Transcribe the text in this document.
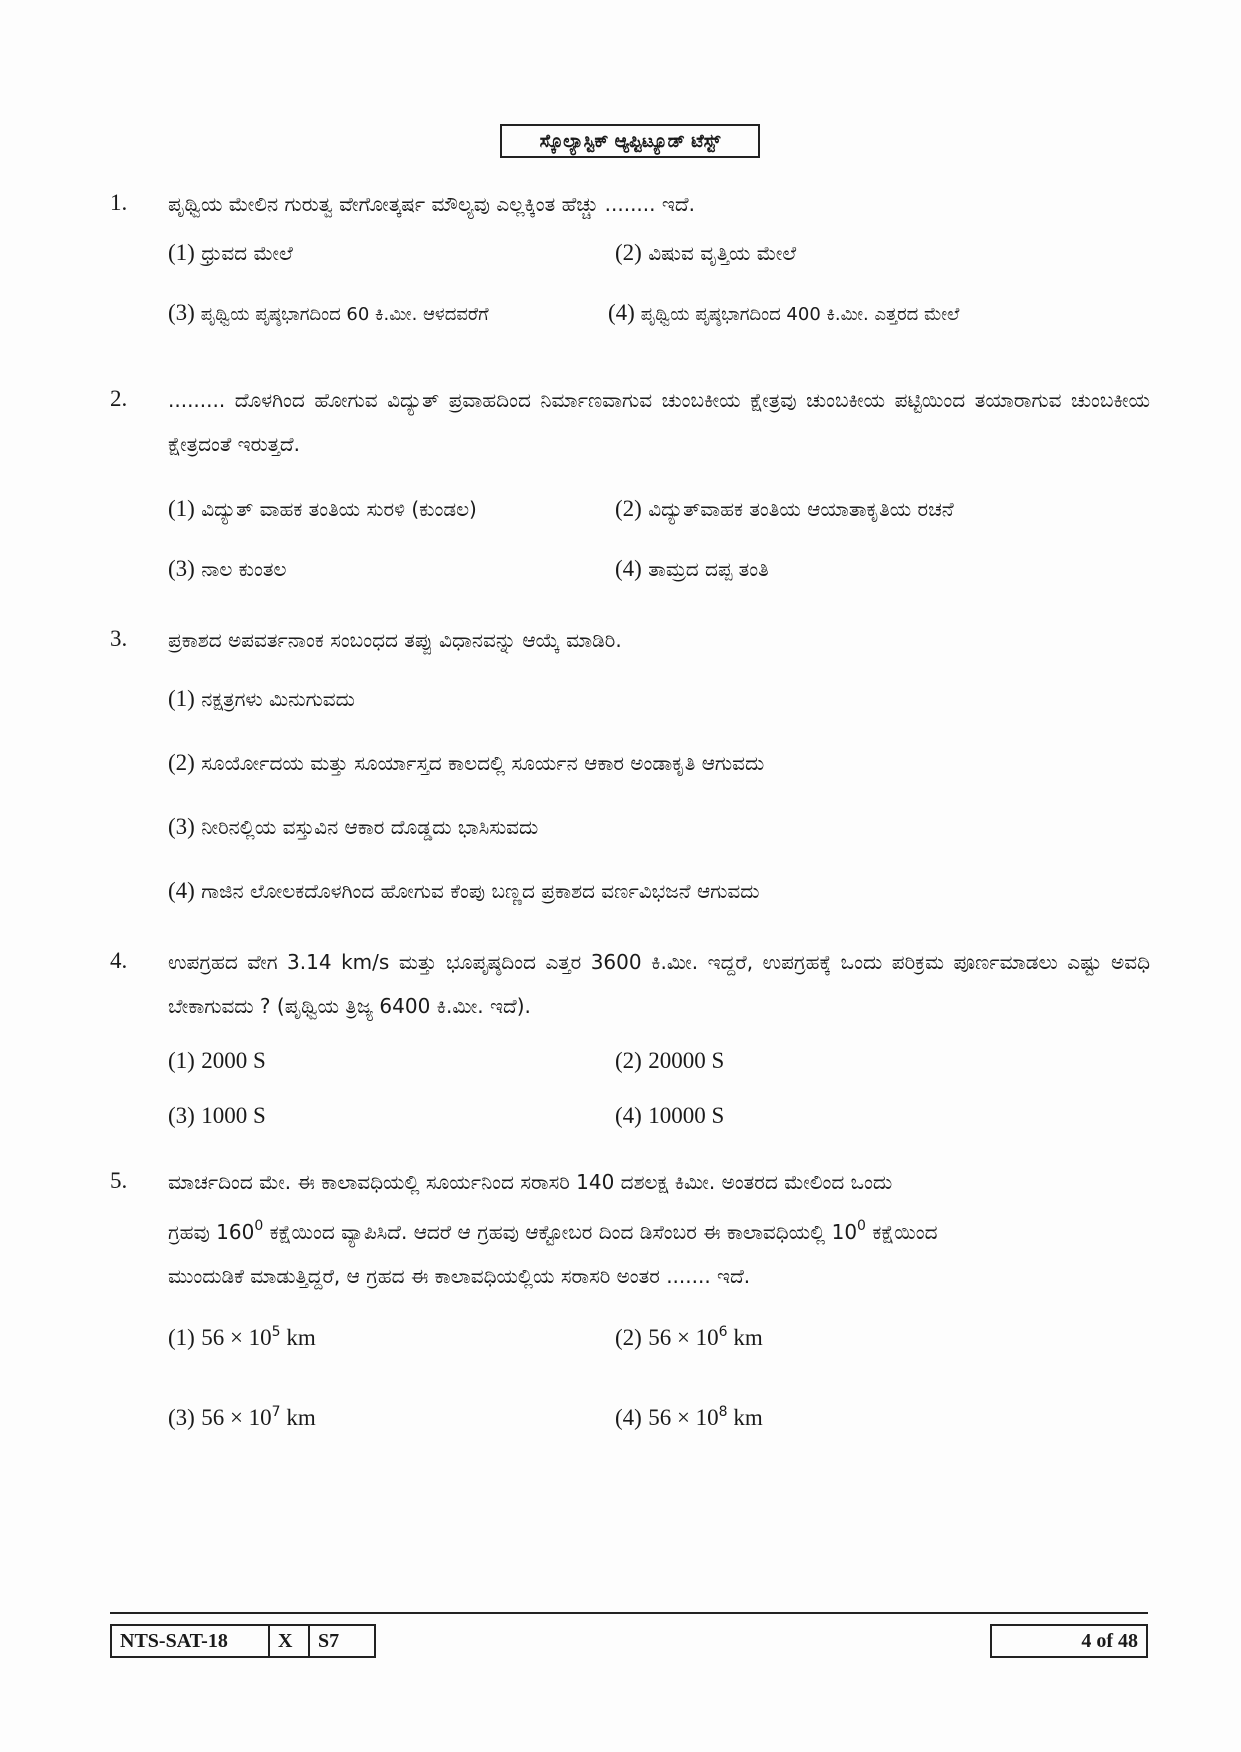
ಸ್ಕೊಲ್ಯಾಸ್ಟಿಕ್ ಆ್ಯಪ್ಟಿಟ್ಯೂಡ್ ಟೆಸ್ಟ್
1. ಪೃಥ್ವಿಯ ಮೇಲಿನ ಗುರುತ್ವ ವೇಗೋತ್ಕರ್ಷ ಮೌಲ್ಯವು ಎಲ್ಲಕ್ಕಿಂತ ಹೆಚ್ಚು ........ ಇದೆ.
(1) ಧ್ರುವದ ಮೇಲೆ	(2) ವಿಷುವ ವೃತ್ತಿಯ ಮೇಲೆ
(3) ಪೃಥ್ವಿಯ ಪೃಷ್ಠಭಾಗದಿಂದ 60 ಕಿ.ಮೀ. ಆಳದವರೆಗೆ	(4) ಪೃಥ್ವಿಯ ಪೃಷ್ಠಭಾಗದಿಂದ 400 ಕಿ.ಮೀ. ಎತ್ತರದ ಮೇಲೆ
2. ......... ದೊಳಗಿಂದ ಹೋಗುವ ವಿದ್ಯುತ್ ಪ್ರವಾಹದಿಂದ ನಿರ್ಮಾಣವಾಗುವ ಚುಂಬಕೀಯ ಕ್ಷೇತ್ರವು ಚುಂಬಕೀಯ ಪಟ್ಟಿಯಿಂದ ತಯಾರಾಗುವ ಚುಂಬಕೀಯ ಕ್ಷೇತ್ರದಂತೆ ಇರುತ್ತದೆ.
(1) ವಿದ್ಯುತ್ ವಾಹಕ ತಂತಿಯ ಸುರಳಿ (ಕುಂಡಲ)	(2) ವಿದ್ಯುತ್‌ವಾಹಕ ತಂತಿಯ ಆಯಾತಾಕೃತಿಯ ರಚನೆ
(3) ನಾಲ ಕುಂತಲ	(4) ತಾಮ್ರದ ದಪ್ಪ ತಂತಿ
3. ಪ್ರಕಾಶದ ಅಪವರ್ತನಾಂಕ ಸಂಬಂಧದ ತಪ್ಪು ವಿಧಾನವನ್ನು ಆಯ್ಕೆ ಮಾಡಿರಿ.
(1) ನಕ್ಷತ್ರಗಳು ಮಿನುಗುವದು
(2) ಸೂರ್ಯೋದಯ ಮತ್ತು ಸೂರ್ಯಾಸ್ತದ ಕಾಲದಲ್ಲಿ ಸೂರ್ಯನ ಆಕಾರ ಅಂಡಾಕೃತಿ ಆಗುವದು
(3) ನೀರಿನಲ್ಲಿಯ ವಸ್ತುವಿನ ಆಕಾರ ದೊಡ್ಡದು ಭಾಸಿಸುವದು
(4) ಗಾಜಿನ ಲೋಲಕದೊಳಗಿಂದ ಹೋಗುವ ಕೆಂಪು ಬಣ್ಣದ ಪ್ರಕಾಶದ ವರ್ಣವಿಭಜನೆ ಆಗುವದು
4. ಉಪಗ್ರಹದ ವೇಗ 3.14 km/s ಮತ್ತು ಭೂಪೃಷ್ಠದಿಂದ ಎತ್ತರ 3600 ಕಿ.ಮೀ. ಇದ್ದರೆ, ಉಪಗ್ರಹಕ್ಕೆ ಒಂದು ಪರಿಕ್ರಮ ಪೂರ್ಣಮಾಡಲು ಎಷ್ಟು ಅವಧಿ ಬೇಕಾಗುವದು ? (ಪೃಥ್ವಿಯ ತ್ರಿಜ್ಯ 6400 ಕಿ.ಮೀ. ಇದೆ).
(1) 2000 S	(2) 20000 S
(3) 1000 S	(4) 10000 S
5. ಮಾರ್ಚದಿಂದ ಮೇ. ಈ ಕಾಲಾವಧಿಯಲ್ಲಿ ಸೂರ್ಯನಿಂದ ಸರಾಸರಿ 140 ದಶಲಕ್ಷ ಕಿಮೀ. ಅಂತರದ ಮೇಲಿಂದ ಒಂದು
ಗ್ರಹವು $160^0$ ಕಕ್ಷೆಯಿಂದ ವ್ಯಾಪಿಸಿದೆ. ಆದರೆ ಆ ಗ್ರಹವು ಆಕ್ಟೋಬರ ದಿಂದ ಡಿಸೆಂಬರ ಈ ಕಾಲಾವಧಿಯಲ್ಲಿ $10^0$ ಕಕ್ಷೆಯಿಂದ
ಮುಂದುಡಿಕೆ ಮಾಡುತ್ತಿದ್ದರೆ, ಆ ಗ್ರಹದ ಈ ಕಾಲಾವಧಿಯಲ್ಲಿಯ ಸರಾಸರಿ ಅಂತರ ....... ಇದೆ.
(1) $56 \times 10^5$ km	(2) $56 \times 10^6$ km
(3) $56 \times 10^7$ km	(4) $56 \times 10^8$ km
NTS-SAT-18	X	S7	4 of 48
